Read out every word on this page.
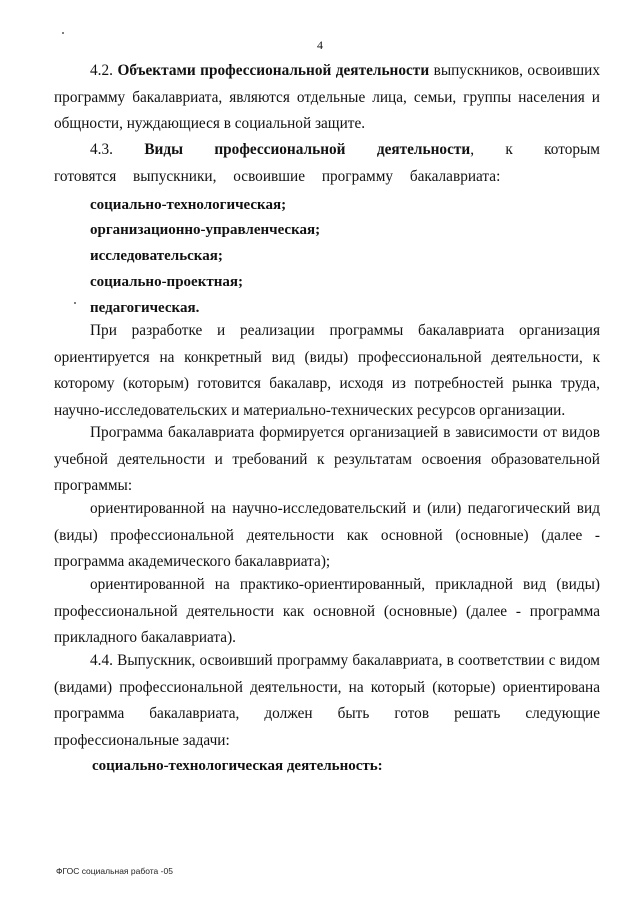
4

4.2. Объектами профессиональной деятельности выпускников, освоивших программу бакалавриата, являются отдельные лица, семьи, группы населения и общности, нуждающиеся в социальной защите.

4.3. Виды профессиональной деятельности, к которым готовятся выпускники, освоившие программу бакалавриата:

социально-технологическая;
организационно-управленческая;
исследовательская;
социально-проектная;
педагогическая.

При разработке и реализации программы бакалавриата организация ориентируется на конкретный вид (виды) профессиональной деятельности, к которому (которым) готовится бакалавр, исходя из потребностей рынка труда, научно-исследовательских и материально-технических ресурсов организации.

Программа бакалавриата формируется организацией в зависимости от видов учебной деятельности и требований к результатам освоения образовательной программы:

ориентированной на научно-исследовательский и (или) педагогический вид (виды) профессиональной деятельности как основной (основные) (далее - программа академического бакалавриата);

ориентированной на практико-ориентированный, прикладной вид (виды) профессиональной деятельности как основной (основные) (далее - программа прикладного бакалавриата).

4.4. Выпускник, освоивший программу бакалавриата, в соответствии с видом (видами) профессиональной деятельности, на который (которые) ориентирована программа бакалавриата, должен быть готов решать следующие профессиональные задачи:

социально-технологическая деятельность:
ФГОС социальная работа -05
